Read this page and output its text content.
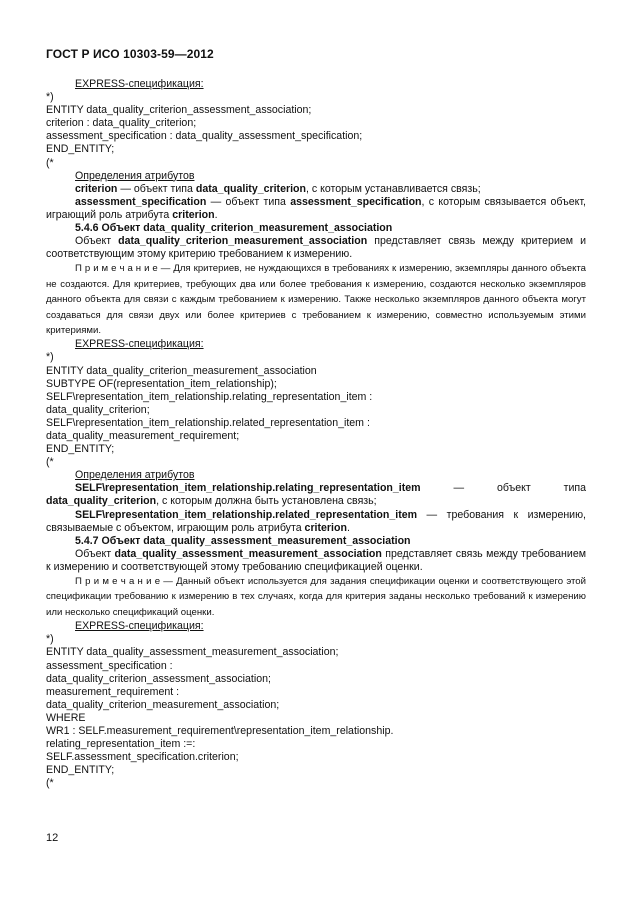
ГОСТ Р ИСО 10303-59—2012

EXPRESS-спецификация:

*)

ENTITY data_quality_criterion_assessment_association;

criterion : data_quality_criterion;

assessment_specification : data_quality_assessment_specification;

END_ENTITY;

(*

Определения атрибутов

criterion — объект типа data_quality_criterion, с которым устанавливается связь;

assessment_specification — объект типа assessment_specification, с которым связывается объект, играющий роль атрибута criterion.

5.4.6 Объект data_quality_criterion_measurement_association

Объект data_quality_criterion_measurement_association представляет связь между критерием и соответствующим этому критерию требованием к измерению.

П р и м е ч а н и е — Для критериев, не нуждающихся в требованиях к измерению, экземпляры данного объекта не создаются. Для критериев, требующих два или более требования к измерению, создаются несколько экземпляров данного объекта для связи с каждым требованием к измерению. Также несколько экземпляров данного объекта могут создаваться для связи двух или более критериев с требованием к измерению, совместно используемым этими критериями.

EXPRESS-спецификация:

*)

ENTITY data_quality_criterion_measurement_association

SUBTYPE OF(representation_item_relationship);

SELF\representation_item_relationship.relating_representation_item :

data_quality_criterion;

SELF\representation_item_relationship.related_representation_item :

data_quality_measurement_requirement;

END_ENTITY;

(*

Определения атрибутов

SELF\representation_item_relationship.relating_representation_item — объект типа data_quality_criterion, с которым должна быть установлена связь;

SELF\representation_item_relationship.related_representation_item — требования к измерению, связываемые с объектом, играющим роль атрибута criterion.

5.4.7 Объект data_quality_assessment_measurement_association

Объект data_quality_assessment_measurement_association представляет связь между требованием к измерению и соответствующей этому требованию спецификацией оценки.

П р и м е ч а н и е — Данный объект используется для задания спецификации оценки и соответствующего этой спецификации требованию к измерению в тех случаях, когда для критерия заданы несколько требований к измерению или несколько спецификаций оценки.

EXPRESS-спецификация:

*)

ENTITY data_quality_assessment_measurement_association;

assessment_specification :

data_quality_criterion_assessment_association;

measurement_requirement :

data_quality_criterion_measurement_association;

WHERE

WR1 : SELF.measurement_requirement\representation_item_relationship.

relating_representation_item :=:

SELF.assessment_specification.criterion;

END_ENTITY;

(*

12
